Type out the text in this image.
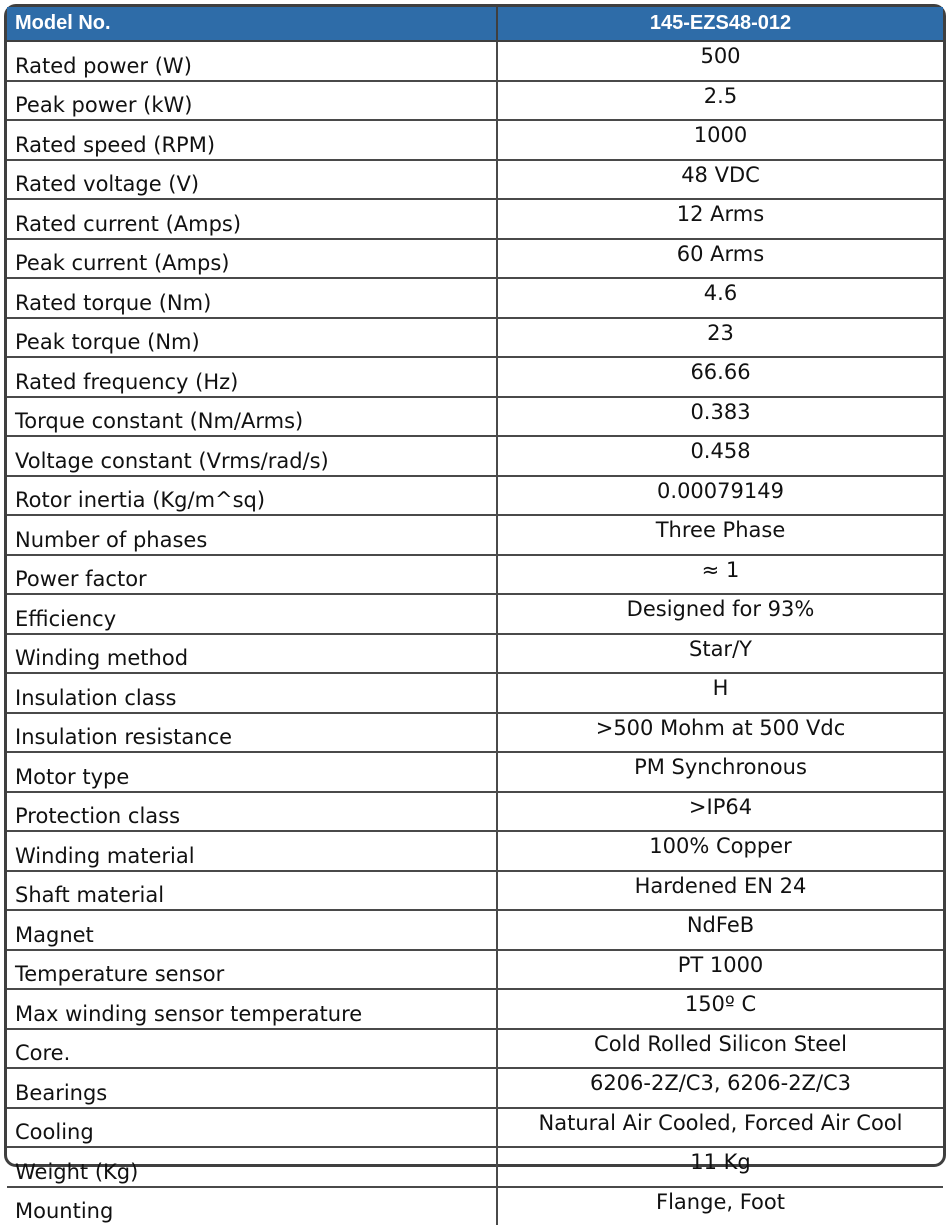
Model No.	145-EZS48-012
Rated power (W)	500
Peak power (kW)	2.5
Rated speed (RPM)	1000
Rated voltage (V)	48 VDC
Rated current (Amps)	12 Arms
Peak current (Amps)	60 Arms
Rated torque (Nm)	4.6
Peak torque (Nm)	23
Rated frequency (Hz)	66.66
Torque constant (Nm/Arms)	0.383
Voltage constant (Vrms/rad/s)	0.458
Rotor inertia (Kg/m^sq)	0.00079149
Number of phases	Three Phase
Power factor	≈ 1
Efficiency	Designed for 93%
Winding method	Star/Y
Insulation class	H
Insulation resistance	>500 Mohm at 500 Vdc
Motor type	PM Synchronous
Protection class	>IP64
Winding material	100% Copper
Shaft material	Hardened EN 24
Magnet	NdFeB
Temperature sensor	PT 1000
Max winding sensor temperature	150º C
Core.	Cold Rolled Silicon Steel
Bearings	6206-2Z/C3, 6206-2Z/C3
Cooling	Natural Air Cooled, Forced Air Cool
Weight (Kg)	11 Kg
Mounting	Flange, Foot
